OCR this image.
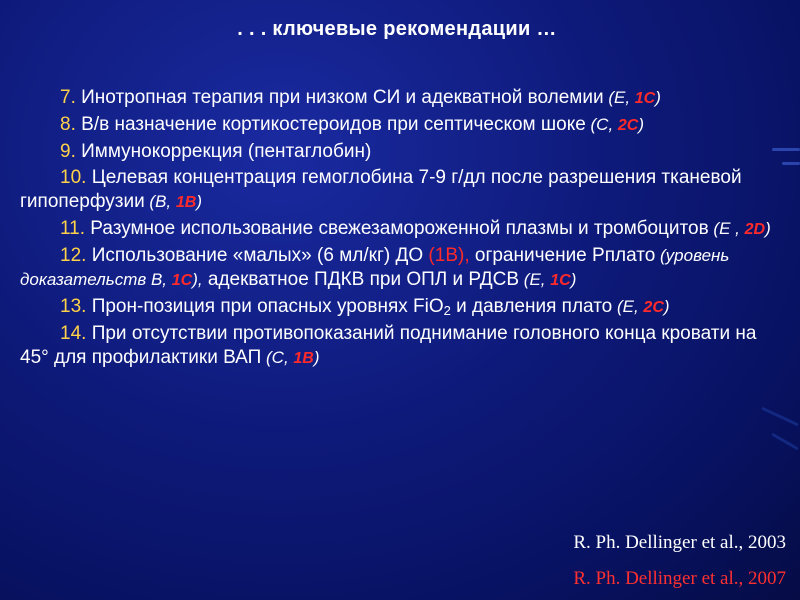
. . . ключевые рекомендации …
7. Инотропная терапия при низком СИ и адекватной волемии (E, 1C)
8. В/в назначение кортикостероидов при септическом шоке (C, 2C)
9. Иммунокоррекция (пентаглобин)
10. Целевая концентрация гемоглобина 7-9 г/дл после разрешения тканевой гипоперфузии (B, 1B)
11. Разумное использование свежезамороженной плазмы и тромбоцитов (E , 2D)
12. Использование «малых» (6 мл/кг) ДО (1B), ограничение Pплато (уровень доказательств B, 1C), адекватное ПДКВ при ОПЛ и РДСВ (E, 1C)
13. Прон-позиция при опасных уровнях FiO$_2$ и давления плато (E, 2C)
14. При отсутствии противопоказаний поднимание головного конца кровати на 45° для профилактики ВАП (C, 1B)
R. Ph. Dellinger et al., 2003
R. Ph. Dellinger et al., 2007
